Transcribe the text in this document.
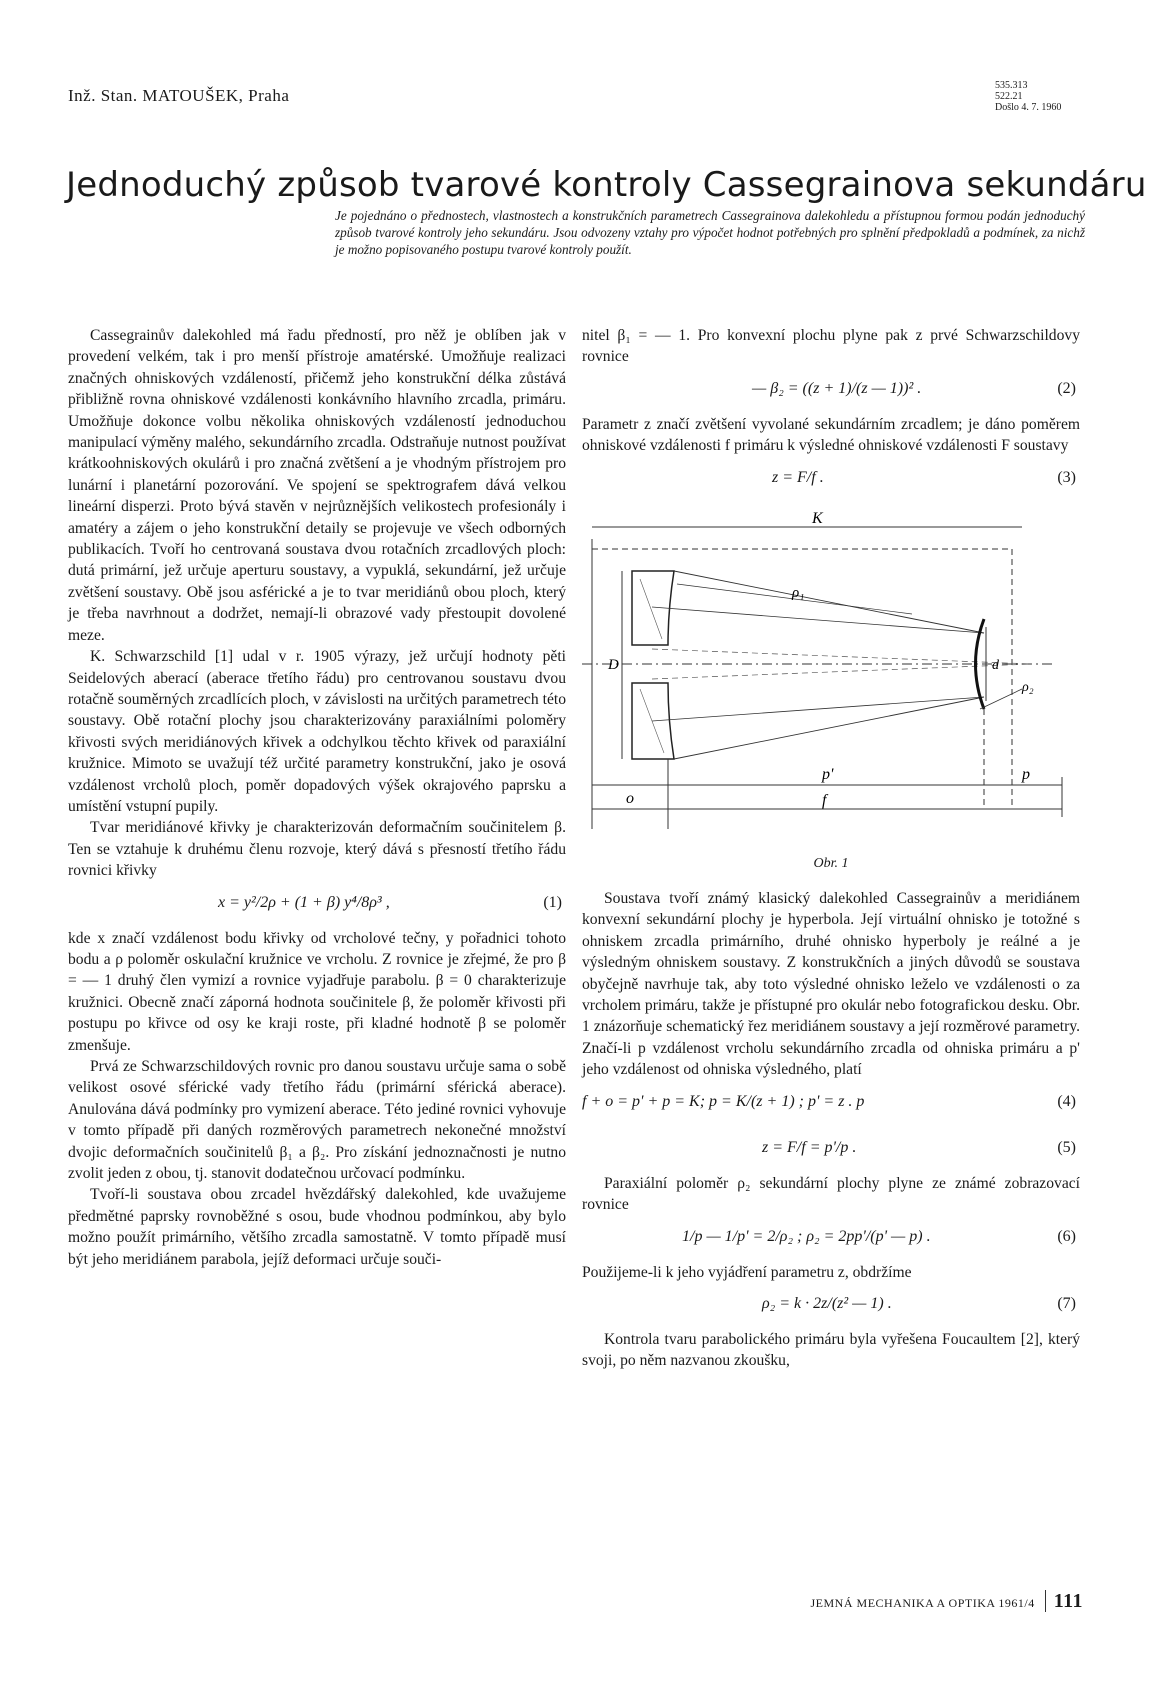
Inž. Stan. MATOUŠEK, Praha
535.313
522.21
Došlo 4. 7. 1960
Jednoduchý způsob tvarové kontroly Cassegrainova sekundáru
Je pojednáno o přednostech, vlastnostech a konstrukčních parametrech Cassegrainova dalekohledu a přístupnou formou podán jednoduchý způsob tvarové kontroly jeho sekundáru. Jsou odvozeny vztahy pro výpočet hodnot potřebných pro splnění předpokladů a podmínek, za nichž je možno popisovaného postupu tvarové kontroly použít.

Cassegrainův dalekohled má řadu předností, pro něž je oblíben jak v provedení velkém, tak i pro menší přístroje amatérské. Umožňuje realizaci značných ohniskových vzdáleností, přičemž jeho konstrukční délka zůstává přibližně rovna ohniskové vzdálenosti konkávního hlavního zrcadla, primáru. Umožňuje dokonce volbu několika ohniskových vzdáleností jednoduchou manipulací výměny malého, sekundárního zrcadla. Odstraňuje nutnost používat krátkoohniskových okulárů i pro značná zvětšení a je vhodným přístrojem pro lunární i planetární pozorování. Ve spojení se spektrografem dává velkou lineární disperzi. Proto bývá stavěn v nejrůznějších velikostech profesionály i amatéry a zájem o jeho konstrukční detaily se projevuje ve všech odborných publikacích. Tvoří ho centrovaná soustava dvou rotačních zrcadlových ploch: dutá primární, jež určuje aperturu soustavy, a vypuklá, sekundární, jež určuje zvětšení soustavy. Obě jsou asférické a je to tvar meridiánů obou ploch, který je třeba navrhnout a dodržet, nemají-li obrazové vady přestoupit dovolené meze.

K. Schwarzschild [1] udal v r. 1905 výrazy, jež určují hodnoty pěti Seidelových aberací (aberace třetího řádu) pro centrovanou soustavu dvou rotačně souměrných zrcadlících ploch, v závislosti na určitých parametrech této soustavy. Obě rotační plochy jsou charakterizovány paraxiálními poloměry křivosti svých meridiánových křivek a odchylkou těchto křivek od paraxiální kružnice. Mimoto se uvažují též určité parametry konstrukční, jako je osová vzdálenost vrcholů ploch, poměr dopadových výšek okrajového paprsku a umístění vstupní pupily.

Tvar meridiánové křivky je charakterizován deformačním součinitelem β. Ten se vztahuje k druhému členu rozvoje, který dává s přesností třetího řádu rovnici křivky

x = y²/2ρ + (1 + β) y⁴/8ρ³ ,	(1)

kde x značí vzdálenost bodu křivky od vrcholové tečny, y pořadnici tohoto bodu a ρ poloměr oskulační kružnice ve vrcholu. Z rovnice je zřejmé, že pro β = — 1 druhý člen vymizí a rovnice vyjadřuje parabolu. β = 0 charakterizuje kružnici. Obecně značí záporná hodnota součinitele β, že poloměr křivosti při postupu po křivce od osy ke kraji roste, při kladné hodnotě β se poloměr zmenšuje.

Prvá ze Schwarzschildových rovnic pro danou soustavu určuje sama o sobě velikost osové sférické vady třetího řádu (primární sférická aberace). Anulována dává podmínky pro vymizení aberace. Této jediné rovnici vyhovuje v tomto případě při daných rozměrových parametrech nekonečné množství dvojic deformačních součinitelů β₁ a β₂. Pro získání jednoznačnosti je nutno zvolit jeden z obou, tj. stanovit dodatečnou určovací podmínku.

Tvoří-li soustava obou zrcadel hvězdářský dalekohled, kde uvažujeme předmětné paprsky rovnoběžné s osou, bude vhodnou podmínkou, aby bylo možno použít primárního, většího zrcadla samostatně. V tomto případě musí být jeho meridiánem parabola, jejíž deformaci určuje souči-

nitel β₁ = — 1. Pro konvexní plochu plyne pak z prvé Schwarzschildovy rovnice

— β₂ = ((z + 1)/(z — 1))² .	(2)

Parametr z značí zvětšení vyvolané sekundárním zrcadlem; je dáno poměrem ohniskové vzdálenosti f primáru k výsledné ohniskové vzdálenosti F soustavy

z = F/f .	(3)
K
ρ₁
D	d
ρ₂
p'	p
o	f
Obr. 1

Soustava tvoří známý klasický dalekohled Cassegrainův a meridiánem konvexní sekundární plochy je hyperbola. Její virtuální ohnisko je totožné s ohniskem zrcadla primárního, druhé ohnisko hyperboly je reálné a je výsledným ohniskem soustavy. Z konstrukčních a jiných důvodů se soustava obyčejně navrhuje tak, aby toto výsledné ohnisko leželo ve vzdálenosti o za vrcholem primáru, takže je přístupné pro okulár nebo fotografickou desku. Obr. 1 znázorňuje schematický řez meridiánem soustavy a její rozměrové parametry. Značí-li p vzdálenost vrcholu sekundárního zrcadla od ohniska primáru a p' jeho vzdálenost od ohniska výsledného, platí

f + o = p' + p = K; p = K/(z + 1) ; p' = z . p	(4)
z = F/f = p'/p .	(5)

Paraxiální poloměr ρ₂ sekundární plochy plyne ze známé zobrazovací rovnice

1/p — 1/p' = 2/ρ₂ ; ρ₂ = 2pp'/(p' — p) .	(6)

Použijeme-li k jeho vyjádření parametru z, obdržíme

ρ₂ = k · 2z/(z² — 1) .	(7)

Kontrola tvaru parabolického primáru byla vyřešena Foucaultem [2], který svoji, po něm nazvanou zkoušku,

JEMNÁ MECHANIKA A OPTIKA 1961/4 111
